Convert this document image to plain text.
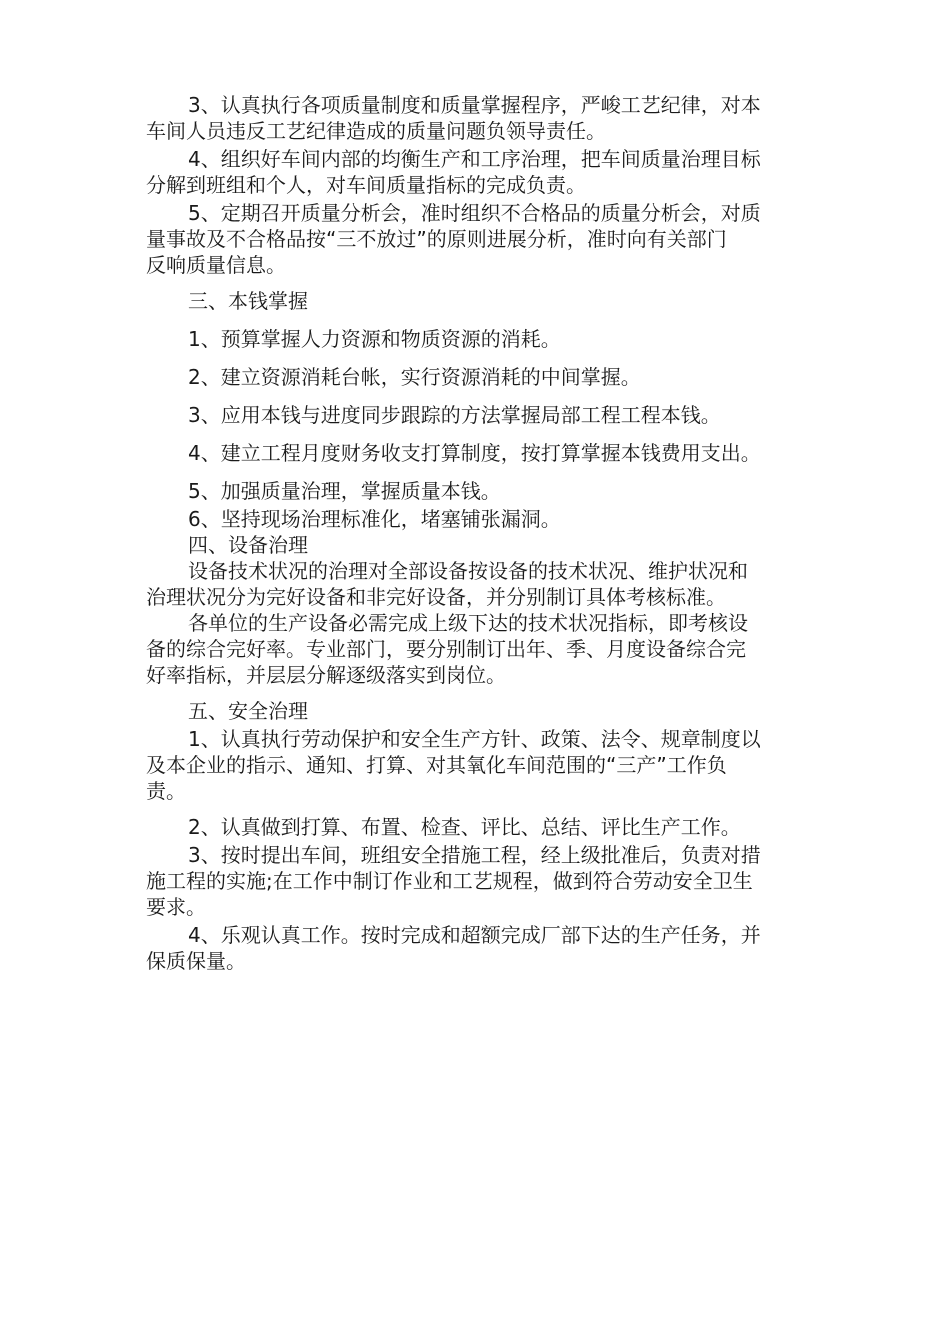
3、认真执行各项质量制度和质量掌握程序，严峻工艺纪律，对本
车间人员违反工艺纪律造成的质量问题负领导责任。

4、组织好车间内部的均衡生产和工序治理，把车间质量治理目标
分解到班组和个人，对车间质量指标的完成负责。

5、定期召开质量分析会，准时组织不合格品的质量分析会，对质
量事故及不合格品按“三不放过”的原则进展分析，准时向有关部门
反响质量信息。

三、本钱掌握

1、预算掌握人力资源和物质资源的消耗。

2、建立资源消耗台帐，实行资源消耗的中间掌握。

3、应用本钱与进度同步跟踪的方法掌握局部工程工程本钱。

4、建立工程月度财务收支打算制度，按打算掌握本钱费用支出。

5、加强质量治理，掌握质量本钱。

6、坚持现场治理标准化，堵塞铺张漏洞。

四、设备治理

设备技术状况的治理对全部设备按设备的技术状况、维护状况和
治理状况分为完好设备和非完好设备，并分别制订具体考核标准。

各单位的生产设备必需完成上级下达的技术状况指标，即考核设
备的综合完好率。专业部门，要分别制订出年、季、月度设备综合完
好率指标，并层层分解逐级落实到岗位。

五、安全治理

1、认真执行劳动保护和安全生产方针、政策、法令、规章制度以
及本企业的指示、通知、打算、对其氧化车间范围的“三产”工作负
责。

2、认真做到打算、布置、检查、评比、总结、评比生产工作。

3、按时提出车间，班组安全措施工程，经上级批准后，负责对措
施工程的实施;在工作中制订作业和工艺规程，做到符合劳动安全卫生
要求。

4、乐观认真工作。按时完成和超额完成厂部下达的生产任务，并
保质保量。
